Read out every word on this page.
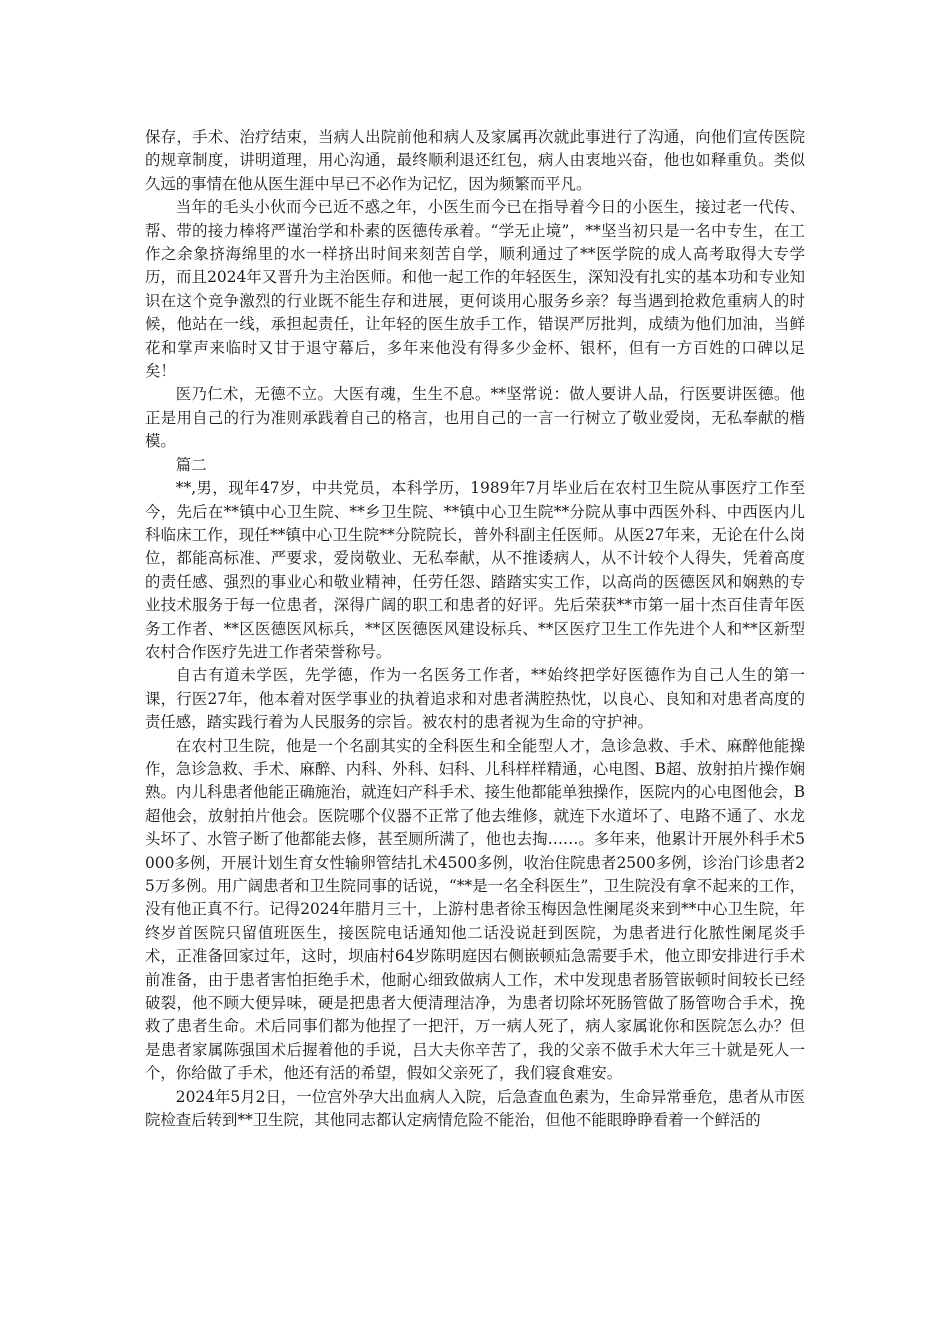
保存，手术、治疗结束，当病人出院前他和病人及家属再次就此事进行了沟通，向他们宣传医院的规章制度，讲明道理，用心沟通，最终顺利退还红包，病人由衷地兴奋，他也如释重负。类似久远的事情在他从医生涯中早已不必作为记忆，因为频繁而平凡。

当年的毛头小伙而今已近不惑之年，小医生而今已在指导着今日的小医生，接过老一代传、帮、带的接力棒将严谨治学和朴素的医德传承着。“学无止境”，**坚当初只是一名中专生，在工作之余象挤海绵里的水一样挤出时间来刻苦自学，顺利通过了**医学院的成人高考取得大专学历，而且2024年又晋升为主治医师。和他一起工作的年轻医生，深知没有扎实的基本功和专业知识在这个竞争激烈的行业既不能生存和进展，更何谈用心服务乡亲？每当遇到抢救危重病人的时候，他站在一线，承担起责任，让年轻的医生放手工作，错误严厉批判，成绩为他们加油，当鲜花和掌声来临时又甘于退守幕后，多年来他没有得多少金杯、银杯，但有一方百姓的口碑以足矣！

医乃仁术，无德不立。大医有魂，生生不息。**坚常说：做人要讲人品，行医要讲医德。他正是用自己的行为准则承践着自己的格言，也用自己的一言一行树立了敬业爱岗，无私奉献的楷模。

篇二

**,男，现年47岁，中共党员，本科学历，1989年7月毕业后在农村卫生院从事医疗工作至今，先后在**镇中心卫生院、**乡卫生院、**镇中心卫生院**分院从事中西医外科、中西医内儿科临床工作，现任**镇中心卫生院**分院院长，普外科副主任医师。从医27年来，无论在什么岗位，都能高标准、严要求，爱岗敬业、无私奉献，从不推诿病人，从不计较个人得失，凭着高度的责任感、强烈的事业心和敬业精神，任劳任怨、踏踏实实工作，以高尚的医德医风和娴熟的专业技术服务于每一位患者，深得广阔的职工和患者的好评。先后荣获**市第一届十杰百佳青年医务工作者、**区医德医风标兵，**区医德医风建设标兵、**区医疗卫生工作先进个人和**区新型农村合作医疗先进工作者荣誉称号。

自古有道未学医，先学德，作为一名医务工作者，**始终把学好医德作为自己人生的第一课，行医27年，他本着对医学事业的执着追求和对患者满腔热忱，以良心、良知和对患者高度的责任感，踏实践行着为人民服务的宗旨。被农村的患者视为生命的守护神。

在农村卫生院，他是一个名副其实的全科医生和全能型人才，急诊急救、手术、麻醉他能操作，急诊急救、手术、麻醉、内科、外科、妇科、儿科样样精通，心电图、B超、放射拍片操作娴熟。内儿科患者他能正确施治，就连妇产科手术、接生他都能单独操作，医院内的心电图他会，B超他会，放射拍片他会。医院哪个仪器不正常了他去维修，就连下水道坏了、电路不通了、水龙头坏了、水管子断了他都能去修，甚至厕所满了，他也去掏……。多年来，他累计开展外科手术5000多例，开展计划生育女性输卵管结扎术4500多例，收治住院患者2500多例，诊治门诊患者25万多例。用广阔患者和卫生院同事的话说，“**是一名全科医生”，卫生院没有拿不起来的工作，没有他正真不行。记得2024年腊月三十，上游村患者徐玉梅因急性阑尾炎来到**中心卫生院，年终岁首医院只留值班医生，接医院电话通知他二话没说赶到医院，为患者进行化脓性阑尾炎手术，正准备回家过年，这时，坝庙村64岁陈明庭因右侧嵌顿疝急需要手术，他立即安排进行手术前准备，由于患者害怕拒绝手术，他耐心细致做病人工作，术中发现患者肠管嵌顿时间较长已经破裂，他不顾大便异味，硬是把患者大便清理洁净，为患者切除坏死肠管做了肠管吻合手术，挽救了患者生命。术后同事们都为他捏了一把汗，万一病人死了，病人家属讹你和医院怎么办？但是患者家属陈强国术后握着他的手说，吕大夫你辛苦了，我的父亲不做手术大年三十就是死人一个，你给做了手术，他还有活的希望，假如父亲死了，我们寝食难安。

2024年5月2日，一位宫外孕大出血病人入院，后急查血色素为，生命异常垂危，患者从市医院检查后转到**卫生院，其他同志都认定病情危险不能治，但他不能眼睁睁看着一个鲜活的
